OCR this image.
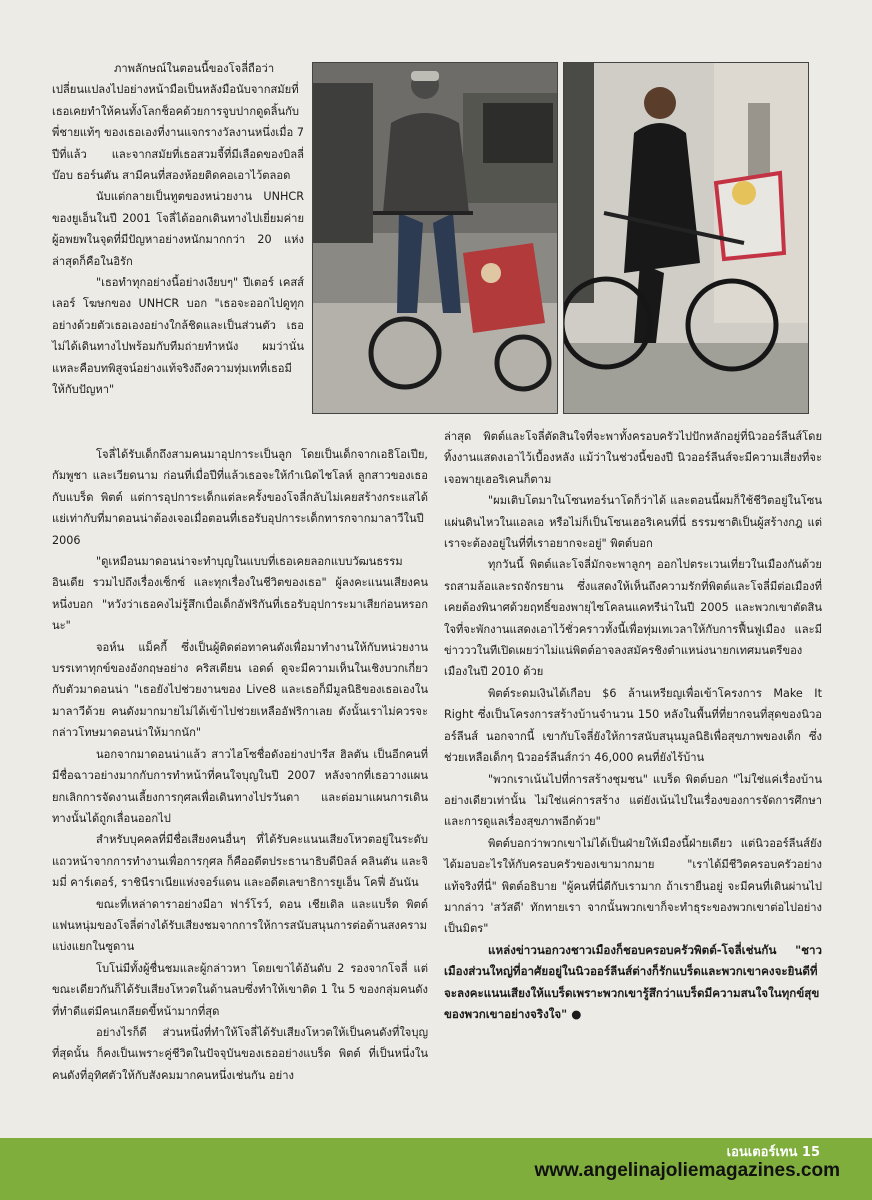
ภาพลักษณ์ในตอนนี้ของโจลี่ถือว่าเปลี่ยนแปลงไปอย่างหน้ามือเป็นหลังมือนับจากสมัยที่เธอเคยทำให้คนทั้งโลกช็อคด้วยการจูบปากดูดลิ้นกับพี่ชายแท้ๆ ของเธอเองที่งานแจกรางวัลงานหนึ่งเมื่อ 7 ปีที่แล้ว และจากสมัยที่เธอสวมจี้ที่มีเลือดของบิลลี่ บ๊อบ ธอร์นตัน สามีคนที่สองห้อยติดคอเอาไว้ตลอด

นับแต่กลายเป็นทูตของหน่วยงาน UNHCR ของยูเอ็นในปี 2001 โจลี่ได้ออกเดินทางไปเยี่ยมค่ายผู้อพยพในจุดที่มีปัญหาอย่างหนักมากกว่า 20 แห่ง ล่าสุดก็คือในอิรัก

"เธอทำทุกอย่างนี้อย่างเงียบๆ" ปีเตอร์ เคสส์เลอร์ โฆษกของ UNHCR บอก "เธอจะออกไปดูทุกอย่างด้วยตัวเธอเองอย่างใกล้ชิดและเป็นส่วนตัว เธอไม่ได้เดินทางไปพร้อมกับทีมถ่ายทำหนัง ผมว่านั่นแหละคือบทพิสูจน์อย่างแท้จริงถึงความทุ่มเทที่เธอมีให้กับปัญหา"

โจลี่ได้รับเด็กถึงสามคนมาอุปการะเป็นลูก โดยเป็นเด็กจากเอธิโอเปีย, กัมพูชา และเวียดนาม ก่อนที่เมื่อปีที่แล้วเธอจะให้กำเนิดไชโลห์ ลูกสาวของเธอกับแบร็ด พิตต์ แต่การอุปการะเด็กแต่ละครั้งของโจลี่กลับไม่เคยสร้างกระแสได้แย่เท่ากับที่มาดอนน่าต้องเจอเมื่อตอนที่เธอรับอุปการะเด็กทารกจากมาลาวีในปี 2006

"ดูเหมือนมาดอนน่าจะทำบุญในแบบที่เธอเคยลอกแบบวัฒนธรรมอินเดีย รวมไปถึงเรื่องเซ็กซ์ และทุกเรื่องในชีวิตของเธอ" ผู้ลงคะแนนเสียงคนหนึ่งบอก "หวังว่าเธอคงไม่รู้สึกเบื่อเด็กอัฟริกันที่เธอรับอุปการะมาเสียก่อนหรอกนะ"

จอห์น แม็คกี้ ซึ่งเป็นผู้ติดต่อทาคนดังเพื่อมาทำงานให้กับหน่วยงานบรรเทาทุกข์ของอังกฤษอย่าง คริสเตียน เอดด์ ดูจะมีความเห็นในเชิงบวกเกี่ยวกับตัวมาดอนน่า "เธอยังไปช่วยงานของ Live8 และเธอก็มีมูลนิธิของเธอเองในมาลาวีด้วย คนดังมากมายไม่ได้เข้าไปช่วยเหลืออัฟริกาเลย ดังนั้นเราไม่ควรจะกล่าวโทษมาดอนน่าให้มากนัก"

นอกจากมาดอนน่าแล้ว สาวไฮโซชื่อดังอย่างปารีส ฮิลตัน เป็นอีกคนที่มีชื่อฉาวอย่างมากกับการทำหน้าที่คนใจบุญในปี 2007 หลังจากที่เธอวางแผนยกเลิกการจัดงานเลี้ยงการกุศลเพื่อเดินทางไปรวันดา และต่อมาแผนการเดินทางนั้นได้ถูกเลื่อนออกไป

สำหรับบุคคลที่มีชื่อเสียงคนอื่นๆ ที่ได้รับคะแนนเสียงโหวตอยู่ในระดับแถวหน้าจากการทำงานเพื่อการกุศล ก็คืออดีตประธานาธิบดีบิลล์ คลินตัน และจิมมี่ คาร์เตอร์, ราชินีราเนียแห่งจอร์แดน และอดีตเลขาธิการยูเอ็น โคฟี่ อันนัน

ขณะที่เหล่าดาราอย่างมีอา ฟาร์โรว์, ดอน เชียเดิล และแบร็ด พิตต์ แฟนหนุ่มของโจลี่ต่างได้รับเสียงชมจากการให้การสนับสนุนการต่อต้านสงครามแบ่งแยกในซูดาน

โบโน่มีทั้งผู้ชื่นชมและผู้กล่าวหา โดยเขาได้อันดับ 2 รองจากโจลี่ แต่ขณะเดียวกันก็ได้รับเสียงโหวตในด้านลบซึ่งทำให้เขาติด 1 ใน 5 ของกลุ่มคนดังที่ทำดีแต่มีคนเกลียดขี้หน้ามากที่สุด

อย่างไรก็ดี ส่วนหนึ่งที่ทำให้โจลี่ได้รับเสียงโหวตให้เป็นคนดังที่ใจบุญที่สุดนั้น ก็คงเป็นเพราะคู่ชีวิตในปัจจุบันของเธออย่างแบร็ด พิตต์ ที่เป็นหนึ่งในคนดังที่อุทิศตัวให้กับสังคมมากคนหนึ่งเช่นกัน อย่าง

ล่าสุด พิตต์และโจลี่ตัดสินใจที่จะพาทั้งครอบครัวไปปักหลักอยู่ที่นิวออร์ลีนส์โดยทิ้งงานแสดงเอาไว้เบื้องหลัง แม้ว่าในช่วงนี้ของปี นิวออร์ลีนส์จะมีความเสี่ยงที่จะเจอพายุเฮอริเคนก็ตาม

"ผมเติบโตมาในโซนทอร์นาโดก็ว่าได้ และตอนนี้ผมก็ใช้ชีวิตอยู่ในโซนแผ่นดินไหวในแอลเอ หรือไม่ก็เป็นโซนเฮอริเคนที่นี่ ธรรมชาติเป็นผู้สร้างกฎ แต่เราจะต้องอยู่ในที่ที่เราอยากจะอยู่" พิตต์บอก

ทุกวันนี้ พิตต์และโจลี่มักจะพาลูกๆ ออกไปตระเวนเที่ยวในเมืองกันด้วยรถสามล้อและรถจักรยาน ซึ่งแสดงให้เห็นถึงความรักที่พิตต์และโจลี่มีต่อเมืองที่เคยต้องพินาศด้วยฤทธิ์ของพายุไซโคลนแคทรีน่าในปี 2005 และพวกเขาตัดสินใจที่จะพักงานแสดงเอาไว้ชั่วคราวทั้งนี้เพื่อทุ่มเทเวลาให้กับการฟื้นฟูเมือง และมีข่าวววในทีเปิดเผยว่าไม่แน่พิตต์อาจลงสมัครชิงตำแหน่งนายกเทศมนตรีของเมืองในปี 2010 ด้วย

พิตต์ระดมเงินได้เกือบ $6 ล้านเหรียญเพื่อเข้าโครงการ Make It Right ซึ่งเป็นโครงการสร้างบ้านจำนวน 150 หลังในพื้นที่ที่ยากจนที่สุดของนิวออร์ลีนส์ นอกจากนี้ เขากับโจลี่ยังให้การสนับสนุนมูลนิธิเพื่อสุขภาพของเด็ก ซึ่งช่วยเหลือเด็กๆ นิวออร์ลีนส์กว่า 46,000 คนที่ยังไร้บ้าน

"พวกเราเน้นไปที่การสร้างชุมชน" แบร็ด พิตต์บอก "ไม่ใช่แค่เรื่องบ้านอย่างเดียวเท่านั้น ไม่ใช่แค่การสร้าง แต่ยังเน้นไปในเรื่องของการจัดการศึกษาและการดูแลเรื่องสุขภาพอีกด้วย"

พิตต์บอกว่าพวกเขาไม่ได้เป็นฝ่ายให้เมืองนี้ฝ่ายเดียว แต่นิวออร์ลีนส์ยังได้มอบอะไรให้กับครอบครัวของเขามากมาย "เราได้มีชีวิตครอบครัวอย่างแท้จริงที่นี่" พิตต์อธิบาย "ผู้คนที่นี่ดีกับเรามาก ถ้าเรายืนอยู่ จะมีคนที่เดินผ่านไปมากล่าว 'สวัสดี' ทักทายเรา จากนั้นพวกเขาก็จะทำธุระของพวกเขาต่อไปอย่างเป็นมิตร"

แหล่งข่าวนอกวงชาวเมืองก็ชอบครอบครัวพิตต์-โจลี่เช่นกัน "ชาวเมืองส่วนใหญ่ที่อาศัยอยู่ในนิวออร์ลีนส์ต่างก็รักแบร็ดและพวกเขาคงจะยินดีที่จะลงคะแนนเสียงให้แบร็ดเพราะพวกเขารู้สึกว่าแบร็ดมีความสนใจในทุกข์สุขของพวกเขาอย่างจริงใจ" ●

เอนเตอร์เทน 15
www.angelinajoliemagazines.com
